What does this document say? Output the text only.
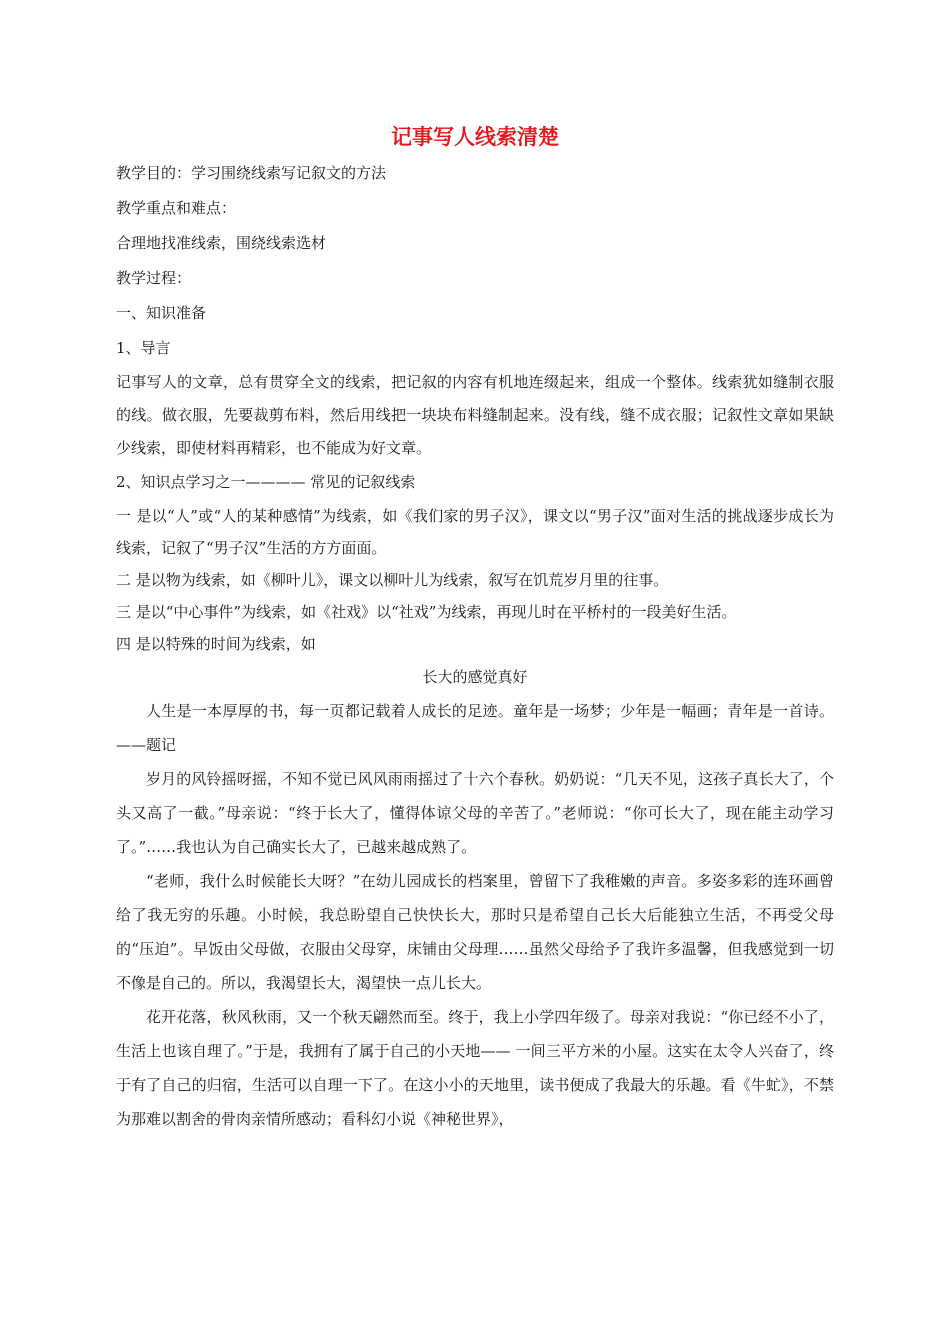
记事写人线索清楚

教学目的：学习围绕线索写记叙文的方法

教学重点和难点：

合理地找准线索，围绕线索选材

教学过程：

一、知识准备

1、导言

记事写人的文章，总有贯穿全文的线索，把记叙的内容有机地连缀起来，组成一个整体。线索犹如缝制衣服的线。做衣服，先要裁剪布料，然后用线把一块块布料缝制起来。没有线，缝不成衣服；记叙性文章如果缺少线索，即使材料再精彩，也不能成为好文章。

2、知识点学习之一———— 常见的记叙线索

一 是以“人”或“人的某种感情”为线索，如《我们家的男子汉》，课文以“男子汉”面对生活的挑战逐步成长为线索，记叙了“男子汉”生活的方方面面。

二 是以物为线索，如《柳叶儿》，课文以柳叶儿为线索，叙写在饥荒岁月里的往事。

三 是以“中心事件”为线索，如《社戏》以“社戏”为线索，再现儿时在平桥村的一段美好生活。

四 是以特殊的时间为线索，如

长大的感觉真好

人生是一本厚厚的书，每一页都记载着人成长的足迹。童年是一场梦；少年是一幅画；青年是一首诗。——题记

岁月的风铃摇呀摇，不知不觉已风风雨雨摇过了十六个春秋。奶奶说：“几天不见，这孩子真长大了，个头又高了一截。”母亲说：“终于长大了，懂得体谅父母的辛苦了。”老师说：“你可长大了，现在能主动学习了。”……我也认为自己确实长大了，已越来越成熟了。

“老师，我什么时候能长大呀？”在幼儿园成长的档案里，曾留下了我稚嫩的声音。多姿多彩的连环画曾给了我无穷的乐趣。小时候，我总盼望自己快快长大，那时只是希望自己长大后能独立生活，不再受父母的“压迫”。早饭由父母做，衣服由父母穿，床铺由父母理……虽然父母给予了我许多温馨，但我感觉到一切不像是自己的。所以，我渴望长大，渴望快一点儿长大。

花开花落，秋风秋雨，又一个秋天翩然而至。终于，我上小学四年级了。母亲对我说：“你已经不小了，生活上也该自理了。”于是，我拥有了属于自己的小天地—— 一间三平方米的小屋。这实在太令人兴奋了，终于有了自己的归宿，生活可以自理一下了。在这小小的天地里，读书便成了我最大的乐趣。看《牛虻》，不禁为那难以割舍的骨肉亲情所感动；看科幻小说《神秘世界》，
